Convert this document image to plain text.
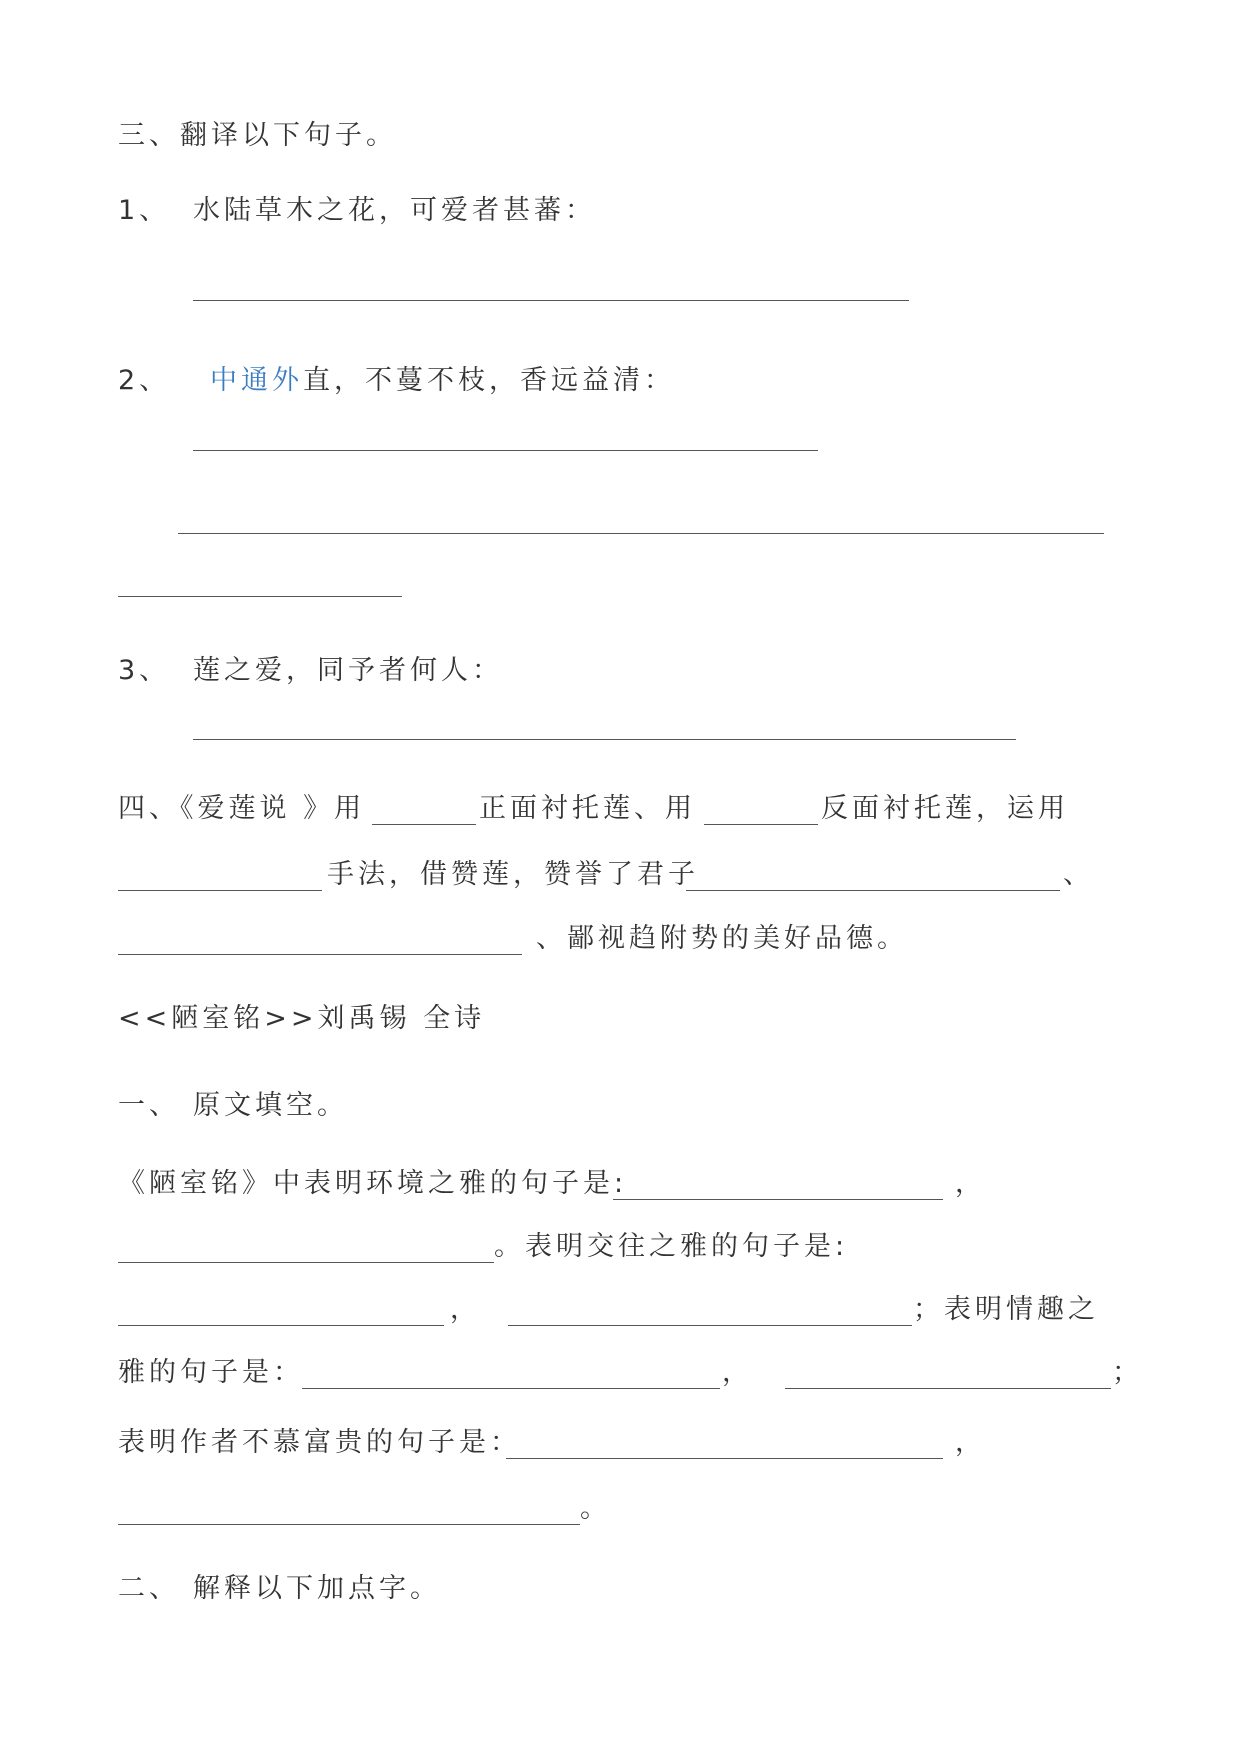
三、翻译以下句子。
1、 水陆草木之花，可爱者甚蕃：
2、 中通外直，不蔓不枝，香远益清：
3、 莲之爱，同予者何人：
四、《爱莲说 》用	正面衬托莲、用	反面衬托莲，运用
手法，借赞莲，赞誉了君子	、
、鄙视趋附势的美好品德。
<<陋室铭>>刘禹锡 全诗
一、 原文填空。
《陋室铭》中表明环境之雅的句子是:	，
。表明交往之雅的句子是:
，	；表明情趣之
雅的句子是：	，	；
表明作者不慕富贵的句子是：	，
。
二、 解释以下加点字。
